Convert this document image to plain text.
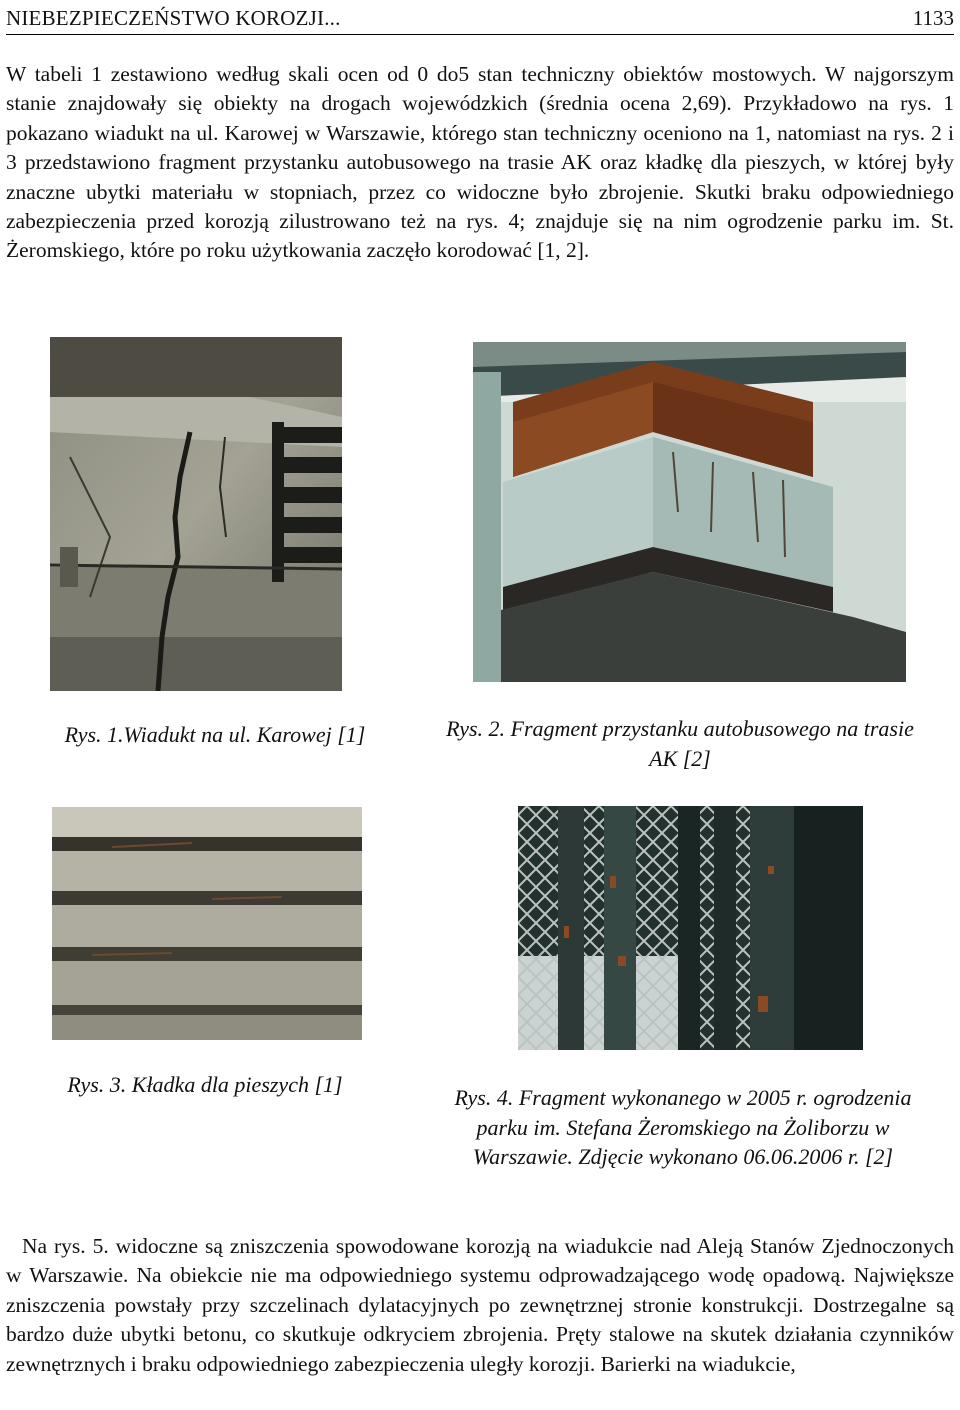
NIEBEZPIECZEŃSTWO KOROZJI...	1133

W tabeli 1 zestawiono według skali ocen od 0 do5 stan techniczny obiektów mostowych. W najgorszym stanie znajdowały się obiekty na drogach wojewódzkich (średnia ocena 2,69). Przykładowo na rys. 1 pokazano wiadukt na ul. Karowej w Warszawie, którego stan techniczny oceniono na 1, natomiast na rys. 2 i 3 przedstawiono fragment przystanku autobusowego na trasie AK oraz kładkę dla pieszych, w której były znaczne ubytki materiału w stopniach, przez co widoczne było zbrojenie. Skutki braku odpowiedniego zabezpieczenia przed korozją zilustrowano też na rys. 4; znajduje się na nim ogrodzenie parku im. St. Żeromskiego, które po roku użytkowania zaczęło korodować [1, 2].

Rys. 1.Wiadukt na ul. Karowej [1]	Rys. 2. Fragment przystanku autobusowego na trasie AK [2]

Rys. 3. Kładka dla pieszych [1]

Rys. 4. Fragment wykonanego w 2005 r. ogrodzenia parku im. Stefana Żeromskiego na Żoliborzu w Warszawie. Zdjęcie wykonano 06.06.2006 r. [2]

Na rys. 5. widoczne są zniszczenia spowodowane korozją na wiadukcie nad Aleją Stanów Zjednoczonych w Warszawie. Na obiekcie nie ma odpowiedniego systemu odprowadzającego wodę opadową. Największe zniszczenia powstały przy szczelinach dylatacyjnych po zewnętrznej stronie konstrukcji. Dostrzegalne są bardzo duże ubytki betonu, co skutkuje odkryciem zbrojenia. Pręty stalowe na skutek działania czynników zewnętrznych i braku odpowiedniego zabezpieczenia uległy korozji. Barierki na wiadukcie,
